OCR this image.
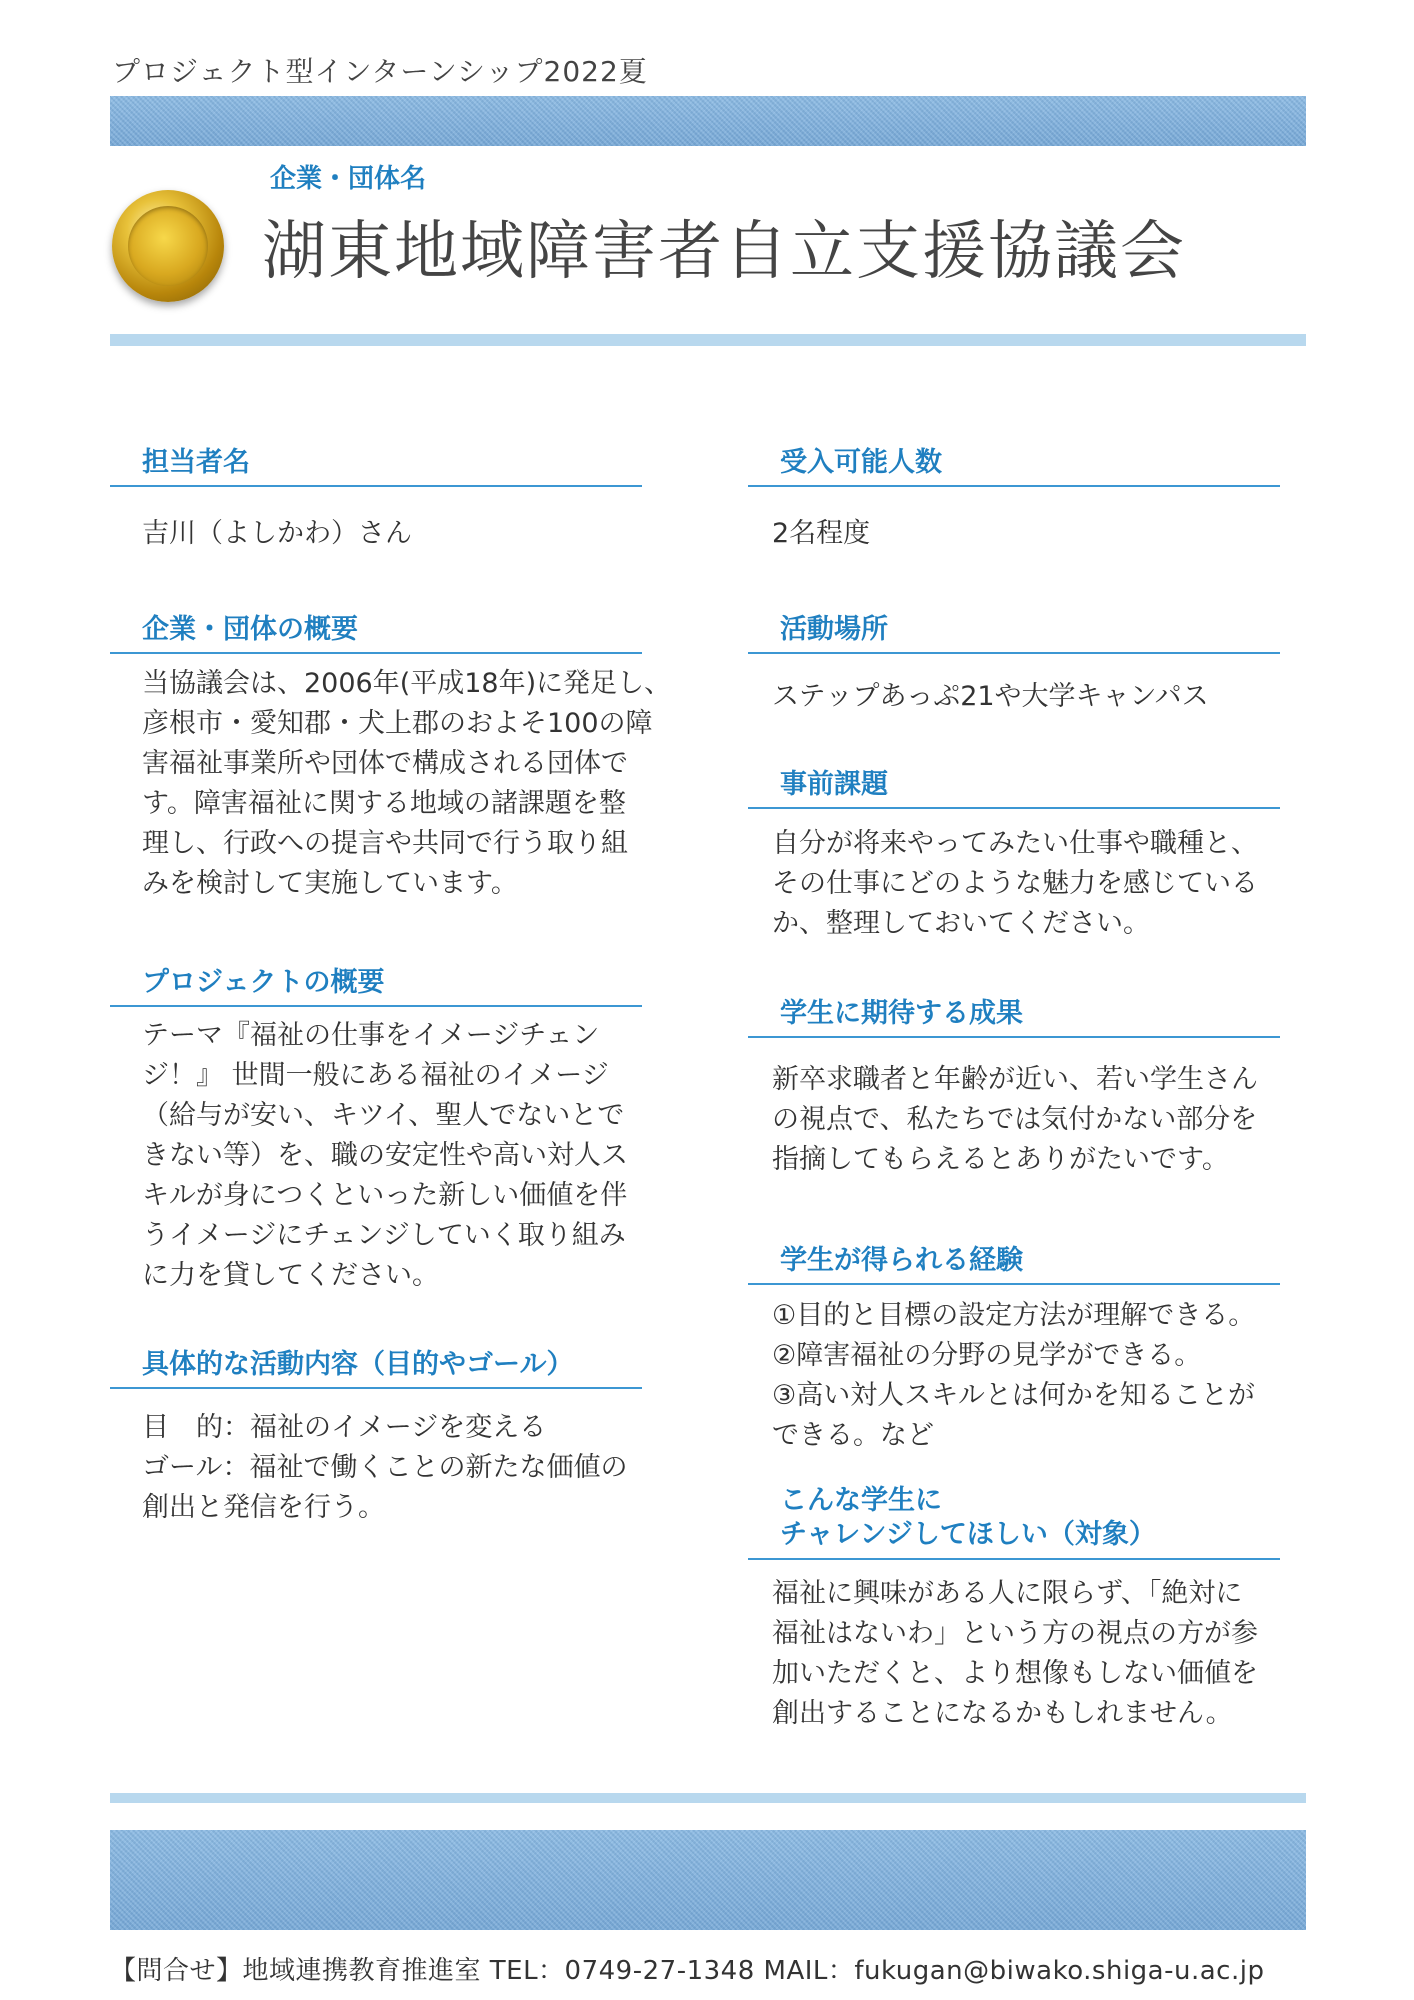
プロジェクト型インターンシップ2022夏
企業・団体名
湖東地域障害者自立支援協議会
担当者名
吉川（よしかわ）さん
企業・団体の概要
当協議会は、2006年(平成18年)に発足し、
彦根市・愛知郡・犬上郡のおよそ100の障
害福祉事業所や団体で構成される団体で
す。障害福祉に関する地域の諸課題を整
理し、行政への提言や共同で行う取り組
みを検討して実施しています。
プロジェクトの概要
テーマ『福祉の仕事をイメージチェン
ジ！』 世間一般にある福祉のイメージ
（給与が安い、キツイ、聖人でないとで
きない等）を、職の安定性や高い対人ス
キルが身につくといった新しい価値を伴
うイメージにチェンジしていく取り組み
に力を貸してください。
具体的な活動内容（目的やゴール）
目　的：福祉のイメージを変える
ゴール：福祉で働くことの新たな価値の
創出と発信を行う。
受入可能人数
2名程度
活動場所
ステップあっぷ21や大学キャンパス
事前課題
自分が将来やってみたい仕事や職種と、
その仕事にどのような魅力を感じている
か、整理しておいてください。
学生に期待する成果
新卒求職者と年齢が近い、若い学生さん
の視点で、私たちでは気付かない部分を
指摘してもらえるとありがたいです。
学生が得られる経験
①目的と目標の設定方法が理解できる。
②障害福祉の分野の見学ができる。
③高い対人スキルとは何かを知ることが
できる。など
こんな学生に
チャレンジしてほしい（対象）
福祉に興味がある人に限らず、「絶対に
福祉はないわ」という方の視点の方が参
加いただくと、より想像もしない価値を
創出することになるかもしれません。
【問合せ】地域連携教育推進室 TEL：0749-27-1348 MAIL：fukugan@biwako.shiga-u.ac.jp
